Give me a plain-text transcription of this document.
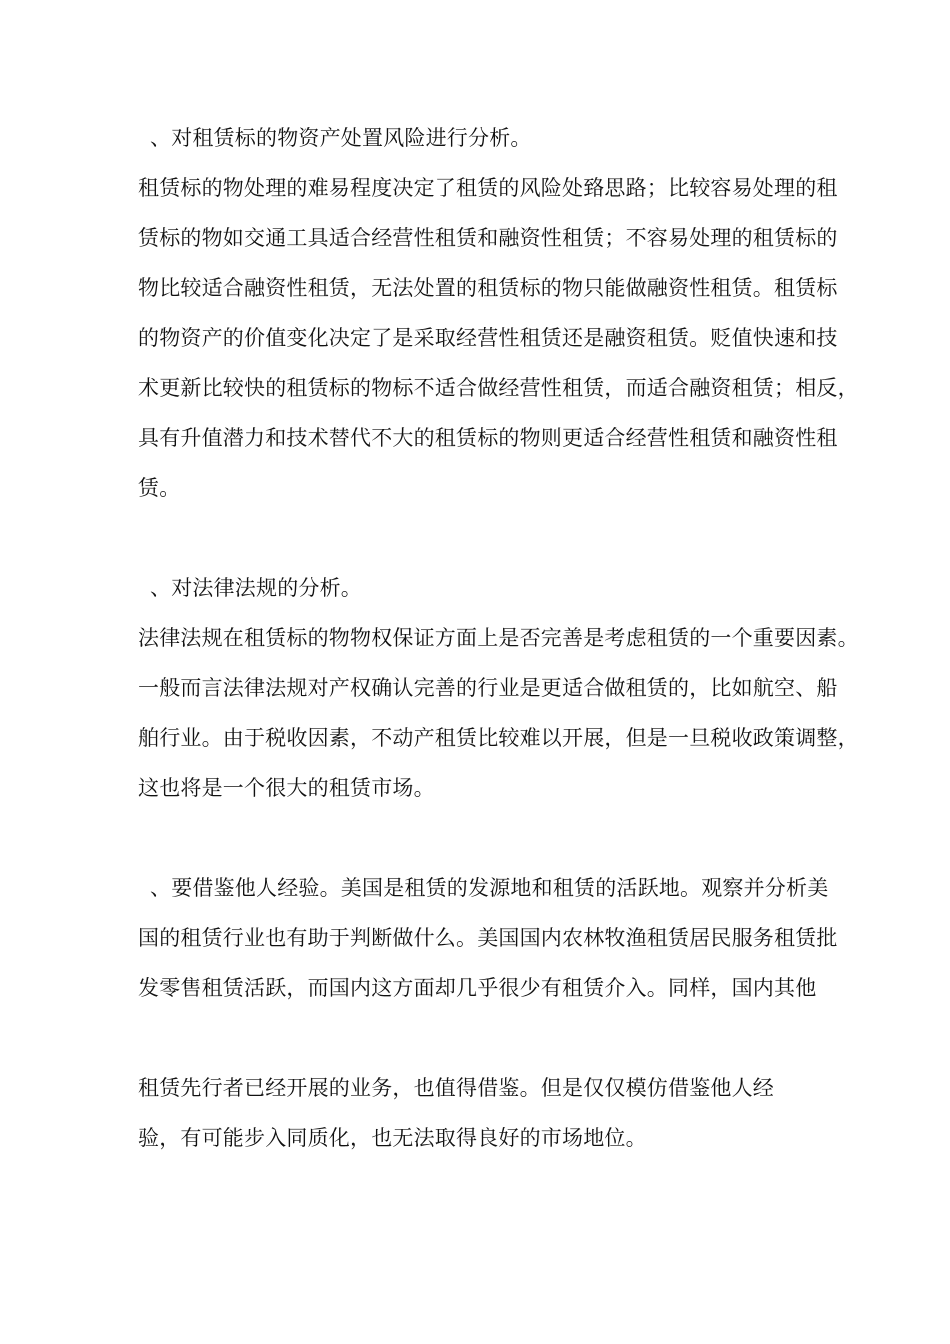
、对租赁标的物资产处置风险进行分析。
租赁标的物处理的难易程度决定了租赁的风险处臵思路；比较容易处理的租
赁标的物如交通工具适合经营性租赁和融资性租赁；不容易处理的租赁标的
物比较适合融资性租赁，无法处置的租赁标的物只能做融资性租赁。租赁标
的物资产的价值变化决定了是采取经营性租赁还是融资租赁。贬值快速和技
术更新比较快的租赁标的物标不适合做经营性租赁，而适合融资租赁；相反，
具有升值潜力和技术替代不大的租赁标的物则更适合经营性租赁和融资性租
赁。
、对法律法规的分析。
法律法规在租赁标的物物权保证方面上是否完善是考虑租赁的一个重要因素。
一般而言法律法规对产权确认完善的行业是更适合做租赁的，比如航空、船
舶行业。由于税收因素，不动产租赁比较难以开展，但是一旦税收政策调整，
这也将是一个很大的租赁市场。
、要借鉴他人经验。美国是租赁的发源地和租赁的活跃地。观察并分析美
国的租赁行业也有助于判断做什么。美国国内农林牧渔租赁居民服务租赁批
发零售租赁活跃，而国内这方面却几乎很少有租赁介入。同样，国内其他
租赁先行者已经开展的业务，也值得借鉴。但是仅仅模仿借鉴他人经
验，有可能步入同质化，也无法取得良好的市场地位。
